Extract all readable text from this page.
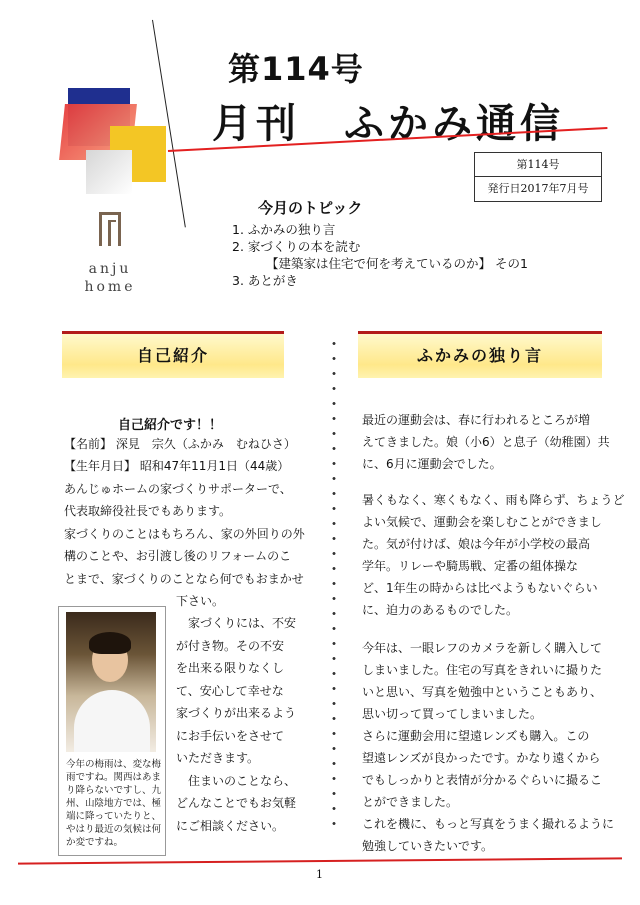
第114号
月刊　ふかみ通信
第114号
発行日2017年7月号
今月のトピック
1. ふかみの独り言
2. 家づくりの本を読む
【建築家は住宅で何を考えているのか】 その1
3. あとがき
anju
home
自己紹介	ふかみの独り言
自己紹介です！！
【名前】 深見　宗久（ふかみ　むねひさ）
【生年月日】 昭和47年11月1日（44歳）
あんじゅホームの家づくりサポーターで、
代表取締役社長でもあります。
家づくりのことはもちろん、家の外回りの外
構のことや、お引渡し後のリフォームのこ
とまで、家づくりのことなら何でもおまかせ
下さい。
家づくりには、不安
が付き物。その不安
を出来る限りなくし
て、安心して幸せな
家づくりが出来るよう
にお手伝いをさせて
いただきます。
住まいのことなら、
どんなことでもお気軽
にご相談ください。
今年の梅雨は、変な梅雨ですね。関西はあまり降らないですし、九州、山陰地方では、極端に降っていたりと、やはり最近の気候は何か変ですね。
最近の運動会は、春に行われるところが増
えてきました。娘（小6）と息子（幼稚園）共
に、6月に運動会でした。
暑くもなく、寒くもなく、雨も降らず、ちょうど
よい気候で、運動会を楽しむことができまし
た。気が付けば、娘は今年が小学校の最高
学年。リレーや騎馬戦、定番の組体操な
ど、1年生の時からは比べようもないぐらい
に、迫力のあるものでした。
今年は、一眼レフのカメラを新しく購入して
しまいました。住宅の写真をきれいに撮りた
いと思い、写真を勉強中ということもあり、
思い切って買ってしまいました。
さらに運動会用に望遠レンズも購入。この
望遠レンズが良かったです。かなり遠くから
でもしっかりと表情が分かるぐらいに撮るこ
とができました。
これを機に、もっと写真をうまく撮れるように
勉強していきたいです。
1
